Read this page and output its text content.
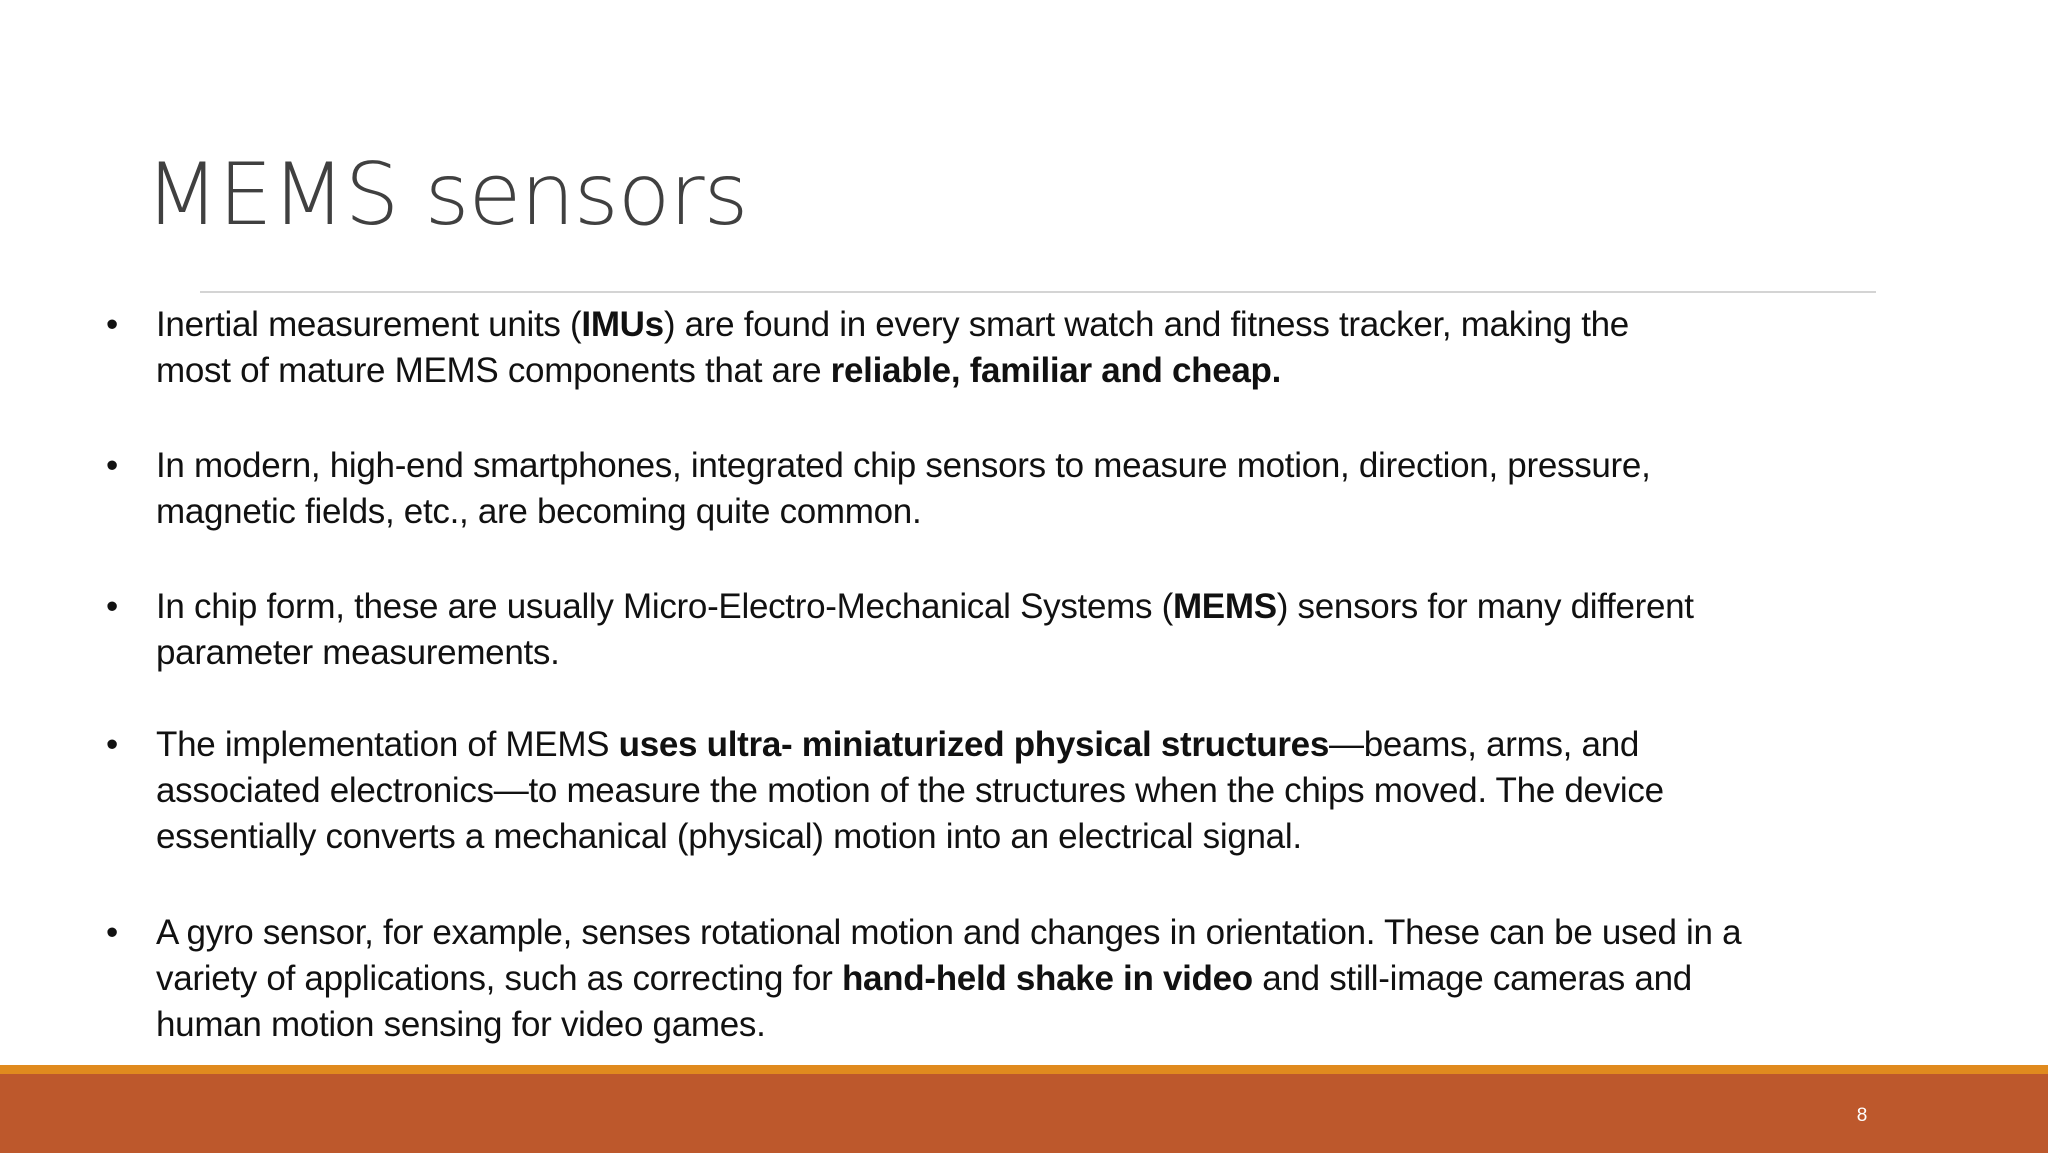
MEMS sensors
•	Inertial measurement units (IMUs) are found in every smart watch and fitness tracker, making the
most of mature MEMS components that are reliable, familiar and cheap.
•	In modern, high-end smartphones, integrated chip sensors to measure motion, direction, pressure,
magnetic fields, etc., are becoming quite common.
•	In chip form, these are usually Micro-Electro-Mechanical Systems (MEMS) sensors for many different
parameter measurements.
•	The implementation of MEMS uses ultra- miniaturized physical structures—beams, arms, and
associated electronics—to measure the motion of the structures when the chips moved. The device
essentially converts a mechanical (physical) motion into an electrical signal.
•	A gyro sensor, for example, senses rotational motion and changes in orientation. These can be used in a
variety of applications, such as correcting for hand-held shake in video and still-image cameras and
human motion sensing for video games.
8
